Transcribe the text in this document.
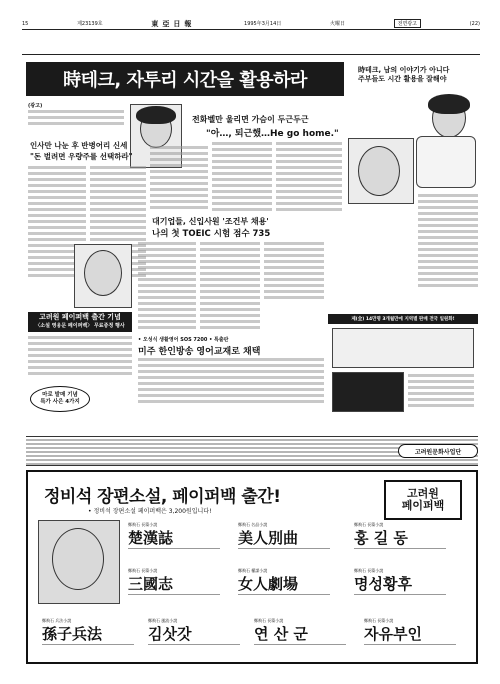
15	제23139호	東亞日報	1995年3月14日	火曜日	전면광고	(22)
時테크, 자투리 시간을 활용하라	時테크, 남의 이야기가 아니다
주부들도 시간 활용을 잘해야
(광고)
인사만 나눈 후 반병어리 신세
"돈 벌려면 우량주를 선택하라"
전화벨만 울리면 가슴이 두근두근
"아…, 퇴근했…He go home."
대기업들, 신입사원 '조건부 채용'
나의 첫 TOEIC 시험 점수 735
고려원 페이퍼백 출간 기념
〈소설 영웅문 페이퍼백〉 무료증정 행사
마로 발매 기념
특가 사은 4가지
• 오성식 생활영어 SOS 7200 • 특출판
미주 한인방송 영어교재로 채택
제(全) 14만명 3개월만에 지역별 판매 전국 일원화!
고려원문화사업단
정비석 장편소설, 페이퍼백 출간!
• 정비석 장편소설 페이퍼백은 3,200원입니다!
고려원
페이퍼백
鄭飛石 長篇小說
楚漢誌
鄭飛石 名品小說
美人別曲
鄭飛石 長篇小說
홍 길 동
鄭飛石 長篇小說
三國志
鄭飛石 權謀小說
女人劇場
鄭飛石 長篇小說
명성황후
鄭飛石 兵法小說
孫子兵法
鄭飛石 風流小說
김삿갓
鄭飛石 長篇小說
연 산 군
鄭飛石 長篇小說
자유부인
